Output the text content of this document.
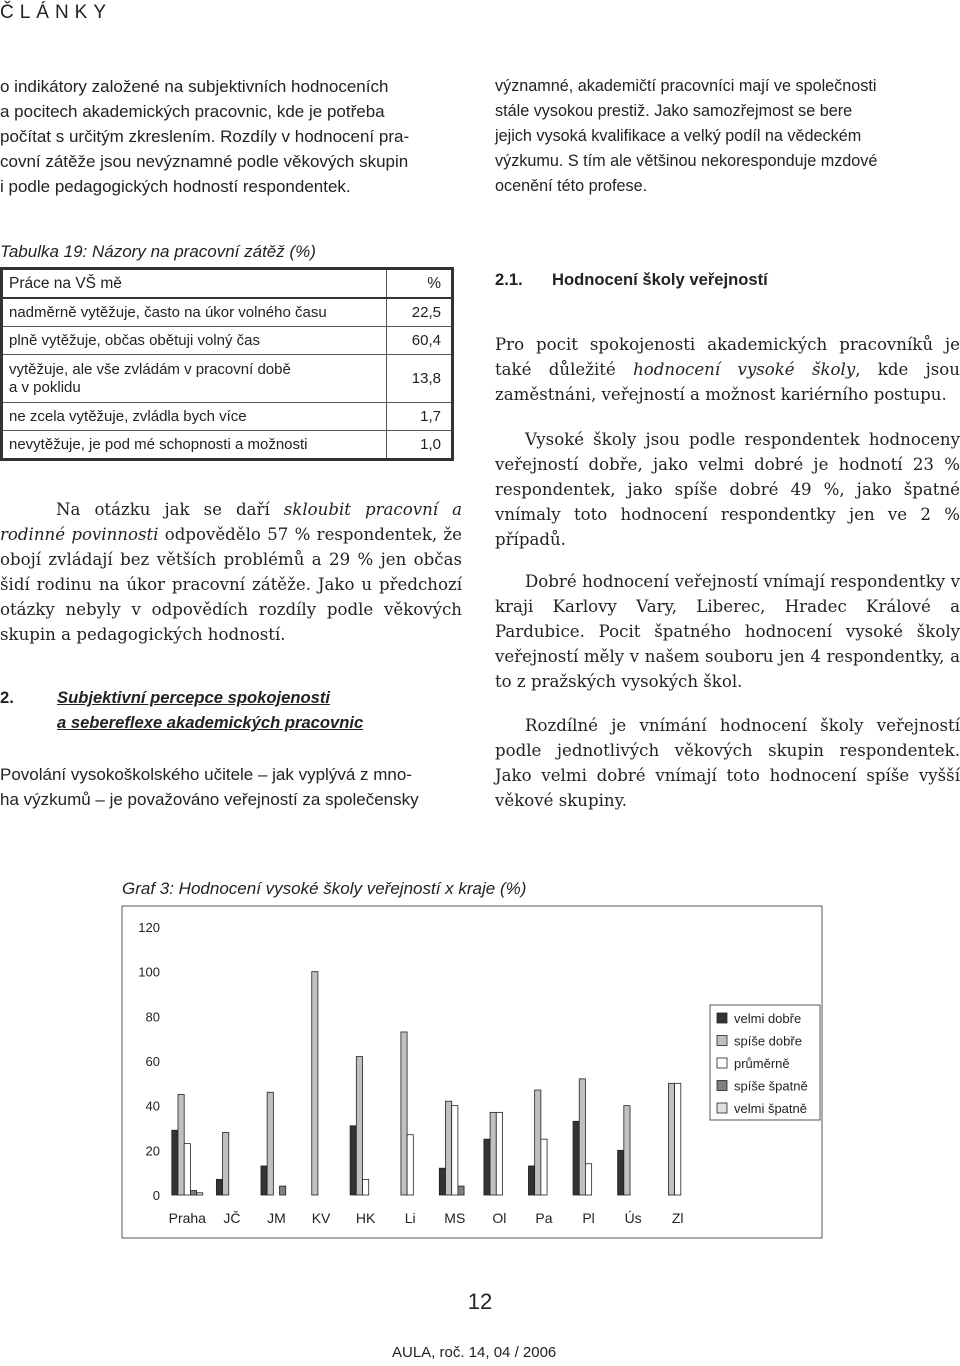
ČLÁNKY

o indikátory založené na subjektivních hodnoceních
a pocitech akademických pracovnic, kde je potřeba
počítat s určitým zkreslením. Rozdíly v hodnocení pra-
covní zátěže jsou nevýznamné podle věkových skupin
i podle pedagogických hodností respondentek.

významné, akademičtí pracovníci mají ve společnosti
stále vysokou prestiž. Jako samozřejmost se bere
jejich vysoká kvalifikace a velký podíl na vědeckém
výzkumu. S tím ale většinou nekoresponduje mzdové
ocenění této profese.

Tabulka 19: Názory na pracovní zátěž (%)
Práce na VŠ mě	%
nadměrně vytěžuje, často na úkor volného času	22,5
plně vytěžuje, občas obětuji volný čas	60,4
vytěžuje, ale vše zvládám v pracovní době
a v poklidu	13,8
ne zcela vytěžuje, zvládla bych více	1,7
nevytěžuje, je pod mé schopnosti a možnosti	1,0

Na otázku jak se daří skloubit pracovní a rodinné povinnosti odpovědělo 57 % respondentek, že obojí zvládají bez větších problémů a 29 % jen občas šidí rodinu na úkor pracovní zátěže. Jako u předchozí otázky nebyly v odpovědích rozdíly podle věkových skupin a pedagogických hodností.

2.	Subjektivní percepce spokojenosti
a sebereflexe akademických pracovnic

Povolání vysokoškolského učitele – jak vyplývá z mno-
ha výzkumů – je považováno veřejností za společensky

2.1. Hodnocení školy veřejností

Pro pocit spokojenosti akademických pracovníků je také důležité hodnocení vysoké školy, kde jsou zaměstnáni, veřejností a možnost kariérního postupu.

Vysoké školy jsou podle respondentek hodnoceny veřejností dobře, jako velmi dobré je hodnotí 23 % respondentek, jako spíše dobré 49 %, jako špatné vnímaly toto hodnocení respondentky jen ve 2 % případů.

Dobré hodnocení veřejností vnímají respondentky v kraji Karlovy Vary, Liberec, Hradec Králové a Pardubice. Pocit špatného hodnocení vysoké školy veřejností měly v našem souboru jen 4 respondentky, a to z pražských vysokých škol.

Rozdílné je vnímání hodnocení školy veřejností podle jednotlivých věkových skupin respondentek. Jako velmi dobré vnímají toto hodnocení spíše vyšší věkové skupiny.

Graf 3: Hodnocení vysoké školy veřejností x kraje (%)
0
20
40
60
80
100
120
Praha JČ JM KV HK Li MS Ol Pa Pl Ús Zl
velmi dobře
spíše dobře
průměrně
spíše špatně
velmi špatně
12
AULA, roč. 14, 04 / 2006
